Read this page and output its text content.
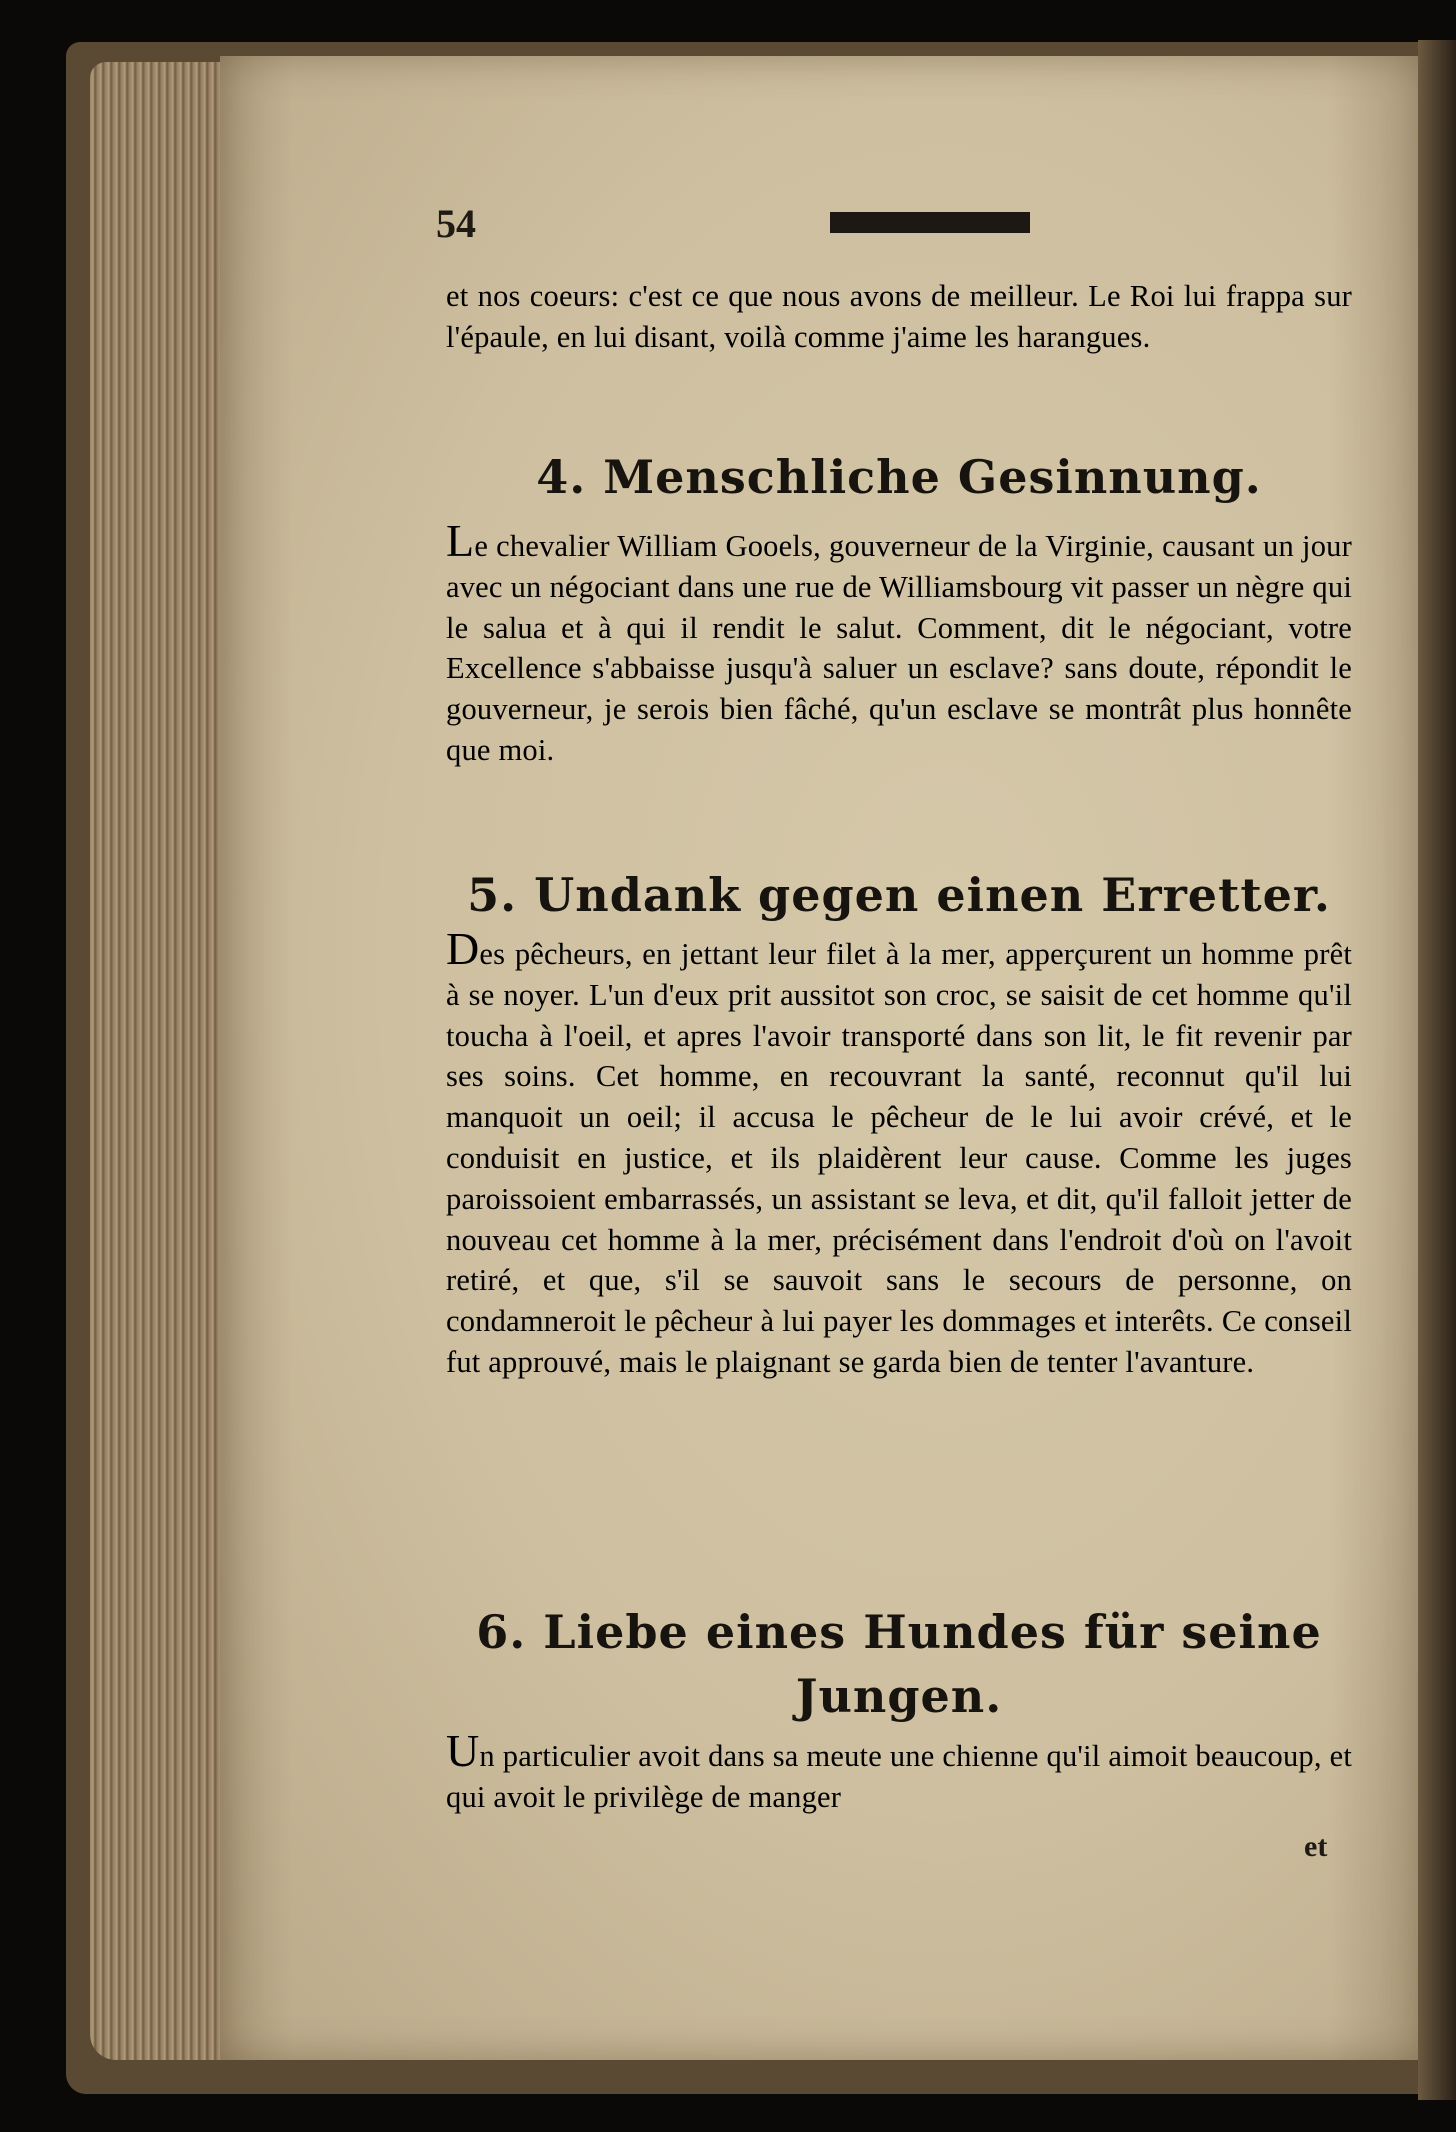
54

et nos coeurs: c'est ce que nous avons de meilleur. Le Roi lui frappa sur l'épaule, en lui disant, voilà comme j'aime les harangues.

4. Menschliche Gesinnung.

Le chevalier William Gooels, gouverneur de la Virginie, causant un jour avec un négociant dans une rue de Williamsbourg vit passer un nègre qui le salua et à qui il rendit le salut. Comment, dit le négociant, votre Excellence s'abbaisse jusqu'à saluer un esclave? sans doute, répondit le gouverneur, je serois bien fâché, qu'un esclave se montrât plus honnête que moi.

5. Undank gegen einen Erretter.

Des pêcheurs, en jettant leur filet à la mer, apperçurent un homme prêt à se noyer. L'un d'eux prit aussitot son croc, se saisit de cet homme qu'il toucha à l'oeil, et apres l'avoir transporté dans son lit, le fit revenir par ses soins. Cet homme, en recouvrant la santé, reconnut qu'il lui manquoit un oeil; il accusa le pêcheur de le lui avoir crévé, et le conduisit en justice, et ils plaidèrent leur cause. Comme les juges paroissoient embarrassés, un assistant se leva, et dit, qu'il falloit jetter de nouveau cet homme à la mer, précisément dans l'endroit d'où on l'avoit retiré, et que, s'il se sauvoit sans le secours de personne, on condamneroit le pêcheur à lui payer les dommages et interêts. Ce conseil fut approuvé, mais le plaignant se garda bien de tenter l'avanture.

6. Liebe eines Hundes für seine Jungen.

Un particulier avoit dans sa meute une chienne qu'il aimoit beaucoup, et qui avoit le privilège de manger

et
